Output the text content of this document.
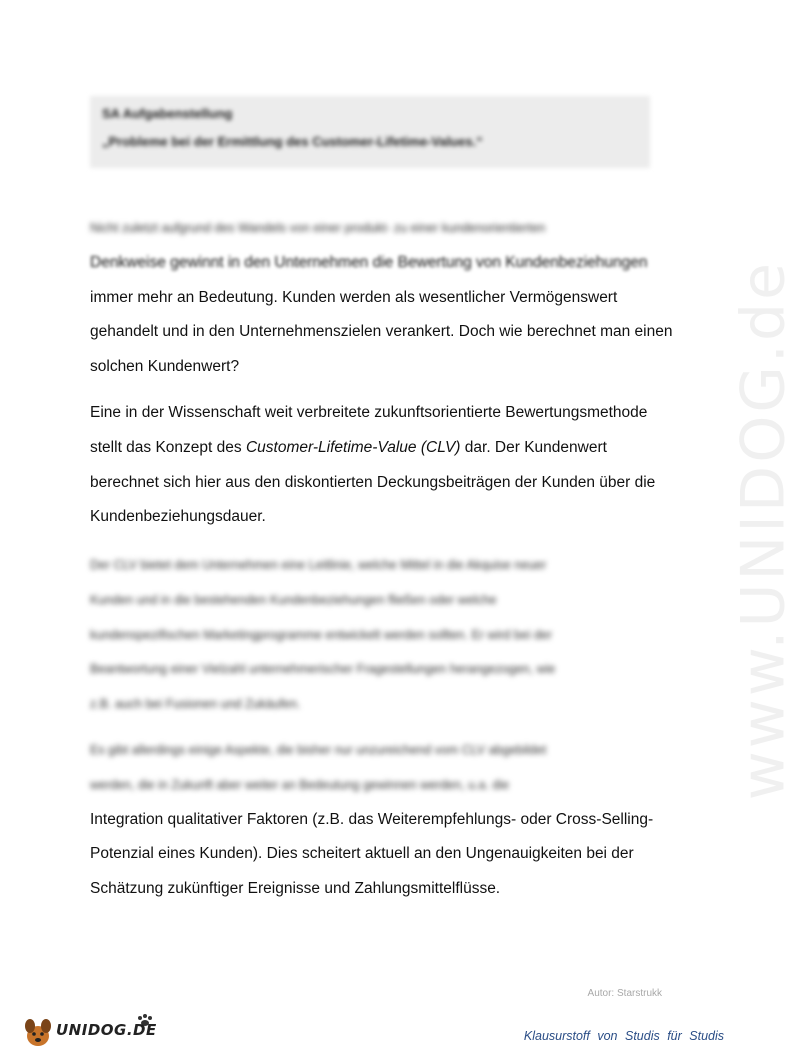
www.UNIDOG.de
SA Aufgabenstellung
„Probleme bei der Ermittlung des Customer-Lifetime-Values.“
Nicht zuletzt aufgrund des Wandels von einer produkt- zu einer kundenorientierten
Denkweise gewinnt in den Unternehmen die Bewertung von Kundenbeziehungen
immer mehr an Bedeutung. Kunden werden als wesentlicher Vermögenswert
gehandelt und in den Unternehmenszielen verankert. Doch wie berechnet man einen
solchen Kundenwert?
Eine in der Wissenschaft weit verbreitete zukunftsorientierte Bewertungsmethode
stellt das Konzept des Customer-Lifetime-Value (CLV) dar. Der Kundenwert
berechnet sich hier aus den diskontierten Deckungsbeiträgen der Kunden über die
Kundenbeziehungsdauer.
Der CLV bietet dem Unternehmen eine Leitlinie, welche Mittel in die Akquise neuer
Kunden und in die bestehenden Kundenbeziehungen fließen oder welche
kundenspezifischen Marketingprogramme entwickelt werden sollten. Er wird bei der
Beantwortung einer Vielzahl unternehmerischer Fragestellungen herangezogen, wie
z.B. auch bei Fusionen und Zukäufen.
Es gibt allerdings einige Aspekte, die bisher nur unzureichend vom CLV abgebildet
werden, die in Zukunft aber weiter an Bedeutung gewinnen werden, u.a. die
Integration qualitativer Faktoren (z.B. das Weiterempfehlungs- oder Cross-Selling-
Potenzial eines Kunden). Dies scheitert aktuell an den Ungenauigkeiten bei der
Schätzung zukünftiger Ereignisse und Zahlungsmittelflüsse.
Autor: Starstrukk
UNIDOG.DE	Klausurstoff von Studis für Studis
